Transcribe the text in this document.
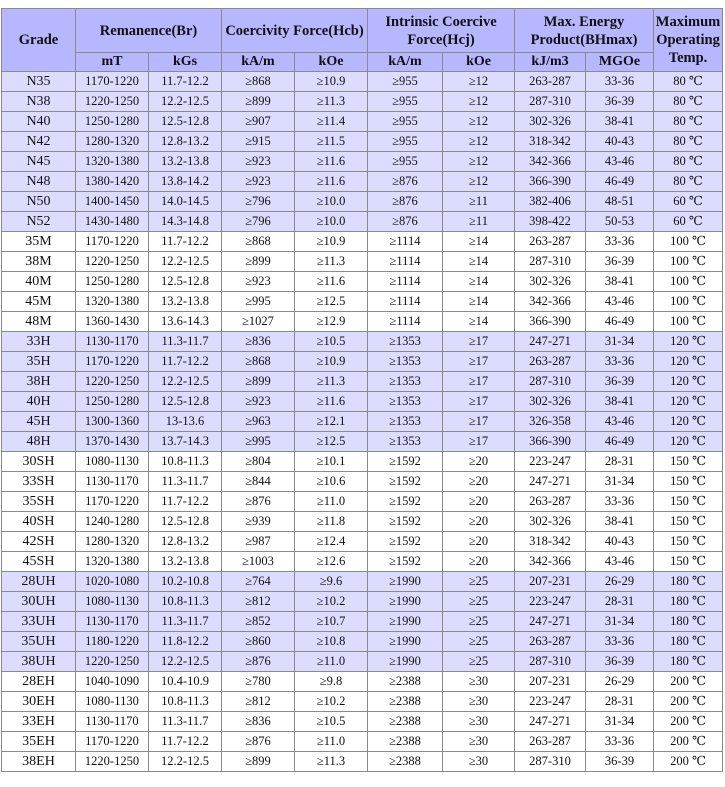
Grade	Remanence(Br)		Coercivity Force(Hcb)		Intrinsic Coercive Force(Hcj)		Max. Energy Product(BHmax)		Maximum Operating Temp.
	mT	kGs	kA/m	kOe	kA/m	kOe	kJ/m3	MGOe	
N35	1170-1220	11.7-12.2	≥868	≥10.9	≥955	≥12	263-287	33-36	80 ℃
N38	1220-1250	12.2-12.5	≥899	≥11.3	≥955	≥12	287-310	36-39	80 ℃
N40	1250-1280	12.5-12.8	≥907	≥11.4	≥955	≥12	302-326	38-41	80 ℃
N42	1280-1320	12.8-13.2	≥915	≥11.5	≥955	≥12	318-342	40-43	80 ℃
N45	1320-1380	13.2-13.8	≥923	≥11.6	≥955	≥12	342-366	43-46	80 ℃
N48	1380-1420	13.8-14.2	≥923	≥11.6	≥876	≥12	366-390	46-49	80 ℃
N50	1400-1450	14.0-14.5	≥796	≥10.0	≥876	≥11	382-406	48-51	60 ℃
N52	1430-1480	14.3-14.8	≥796	≥10.0	≥876	≥11	398-422	50-53	60 ℃
35M	1170-1220	11.7-12.2	≥868	≥10.9	≥1114	≥14	263-287	33-36	100 ℃
38M	1220-1250	12.2-12.5	≥899	≥11.3	≥1114	≥14	287-310	36-39	100 ℃
40M	1250-1280	12.5-12.8	≥923	≥11.6	≥1114	≥14	302-326	38-41	100 ℃
45M	1320-1380	13.2-13.8	≥995	≥12.5	≥1114	≥14	342-366	43-46	100 ℃
48M	1360-1430	13.6-14.3	≥1027	≥12.9	≥1114	≥14	366-390	46-49	100 ℃
33H	1130-1170	11.3-11.7	≥836	≥10.5	≥1353	≥17	247-271	31-34	120 ℃
35H	1170-1220	11.7-12.2	≥868	≥10.9	≥1353	≥17	263-287	33-36	120 ℃
38H	1220-1250	12.2-12.5	≥899	≥11.3	≥1353	≥17	287-310	36-39	120 ℃
40H	1250-1280	12.5-12.8	≥923	≥11.6	≥1353	≥17	302-326	38-41	120 ℃
45H	1300-1360	13-13.6	≥963	≥12.1	≥1353	≥17	326-358	43-46	120 ℃
48H	1370-1430	13.7-14.3	≥995	≥12.5	≥1353	≥17	366-390	46-49	120 ℃
30SH	1080-1130	10.8-11.3	≥804	≥10.1	≥1592	≥20	223-247	28-31	150 ℃
33SH	1130-1170	11.3-11.7	≥844	≥10.6	≥1592	≥20	247-271	31-34	150 ℃
35SH	1170-1220	11.7-12.2	≥876	≥11.0	≥1592	≥20	263-287	33-36	150 ℃
40SH	1240-1280	12.5-12.8	≥939	≥11.8	≥1592	≥20	302-326	38-41	150 ℃
42SH	1280-1320	12.8-13.2	≥987	≥12.4	≥1592	≥20	318-342	40-43	150 ℃
45SH	1320-1380	13.2-13.8	≥1003	≥12.6	≥1592	≥20	342-366	43-46	150 ℃
28UH	1020-1080	10.2-10.8	≥764	≥9.6	≥1990	≥25	207-231	26-29	180 ℃
30UH	1080-1130	10.8-11.3	≥812	≥10.2	≥1990	≥25	223-247	28-31	180 ℃
33UH	1130-1170	11.3-11.7	≥852	≥10.7	≥1990	≥25	247-271	31-34	180 ℃
35UH	1180-1220	11.8-12.2	≥860	≥10.8	≥1990	≥25	263-287	33-36	180 ℃
38UH	1220-1250	12.2-12.5	≥876	≥11.0	≥1990	≥25	287-310	36-39	180 ℃
28EH	1040-1090	10.4-10.9	≥780	≥9.8	≥2388	≥30	207-231	26-29	200 ℃
30EH	1080-1130	10.8-11.3	≥812	≥10.2	≥2388	≥30	223-247	28-31	200 ℃
33EH	1130-1170	11.3-11.7	≥836	≥10.5	≥2388	≥30	247-271	31-34	200 ℃
35EH	1170-1220	11.7-12.2	≥876	≥11.0	≥2388	≥30	263-287	33-36	200 ℃
38EH	1220-1250	12.2-12.5	≥899	≥11.3	≥2388	≥30	287-310	36-39	200 ℃
